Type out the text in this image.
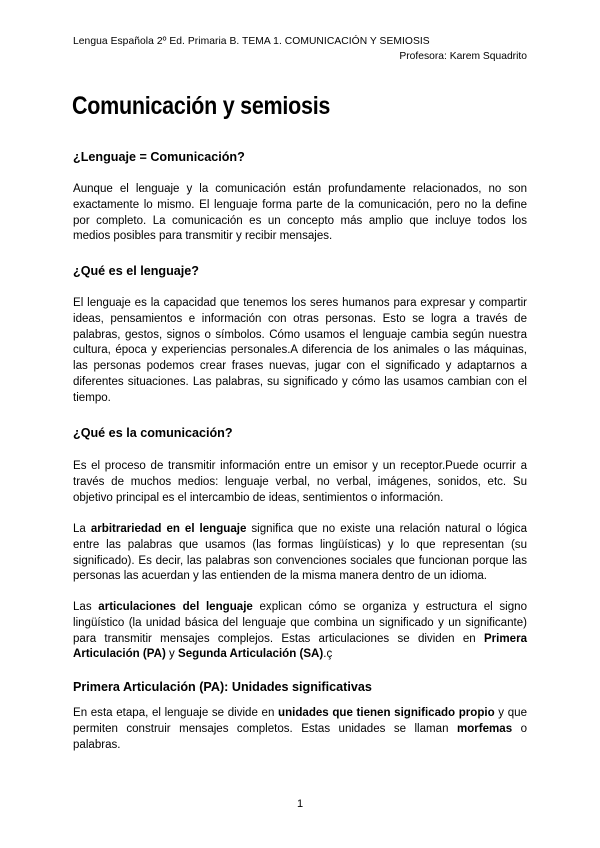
Lengua Española 2º Ed. Primaria B. TEMA 1. COMUNICACIÓN Y SEMIOSIS
Profesora: Karem Squadrito
Comunicación y semiosis
¿Lenguaje = Comunicación?

Aunque el lenguaje y la comunicación están profundamente relacionados, no son exactamente lo mismo. El lenguaje forma parte de la comunicación, pero no la define por completo. La comunicación es un concepto más amplio que incluye todos los medios posibles para transmitir y recibir mensajes.

¿Qué es el lenguaje?

El lenguaje es la capacidad que tenemos los seres humanos para expresar y compartir ideas, pensamientos e información con otras personas. Esto se logra a través de palabras, gestos, signos o símbolos. Cómo usamos el lenguaje cambia según nuestra cultura, época y experiencias personales.A diferencia de los animales o las máquinas, las personas podemos crear frases nuevas, jugar con el significado y adaptarnos a diferentes situaciones. Las palabras, su significado y cómo las usamos cambian con el tiempo.

¿Qué es la comunicación?

Es el proceso de transmitir información entre un emisor y un receptor.Puede ocurrir a través de muchos medios: lenguaje verbal, no verbal, imágenes, sonidos, etc. Su objetivo principal es el intercambio de ideas, sentimientos o información.

La arbitrariedad en el lenguaje significa que no existe una relación natural o lógica entre las palabras que usamos (las formas lingüísticas) y lo que representan (su significado). Es decir, las palabras son convenciones sociales que funcionan porque las personas las acuerdan y las entienden de la misma manera dentro de un idioma.

Las articulaciones del lenguaje explican cómo se organiza y estructura el signo lingüístico (la unidad básica del lenguaje que combina un significado y un significante) para transmitir mensajes complejos. Estas articulaciones se dividen en Primera Articulación (PA) y Segunda Articulación (SA).ç

Primera Articulación (PA): Unidades significativas

En esta etapa, el lenguaje se divide en unidades que tienen significado propio y que permiten construir mensajes completos. Estas unidades se llaman morfemas o palabras.

1
